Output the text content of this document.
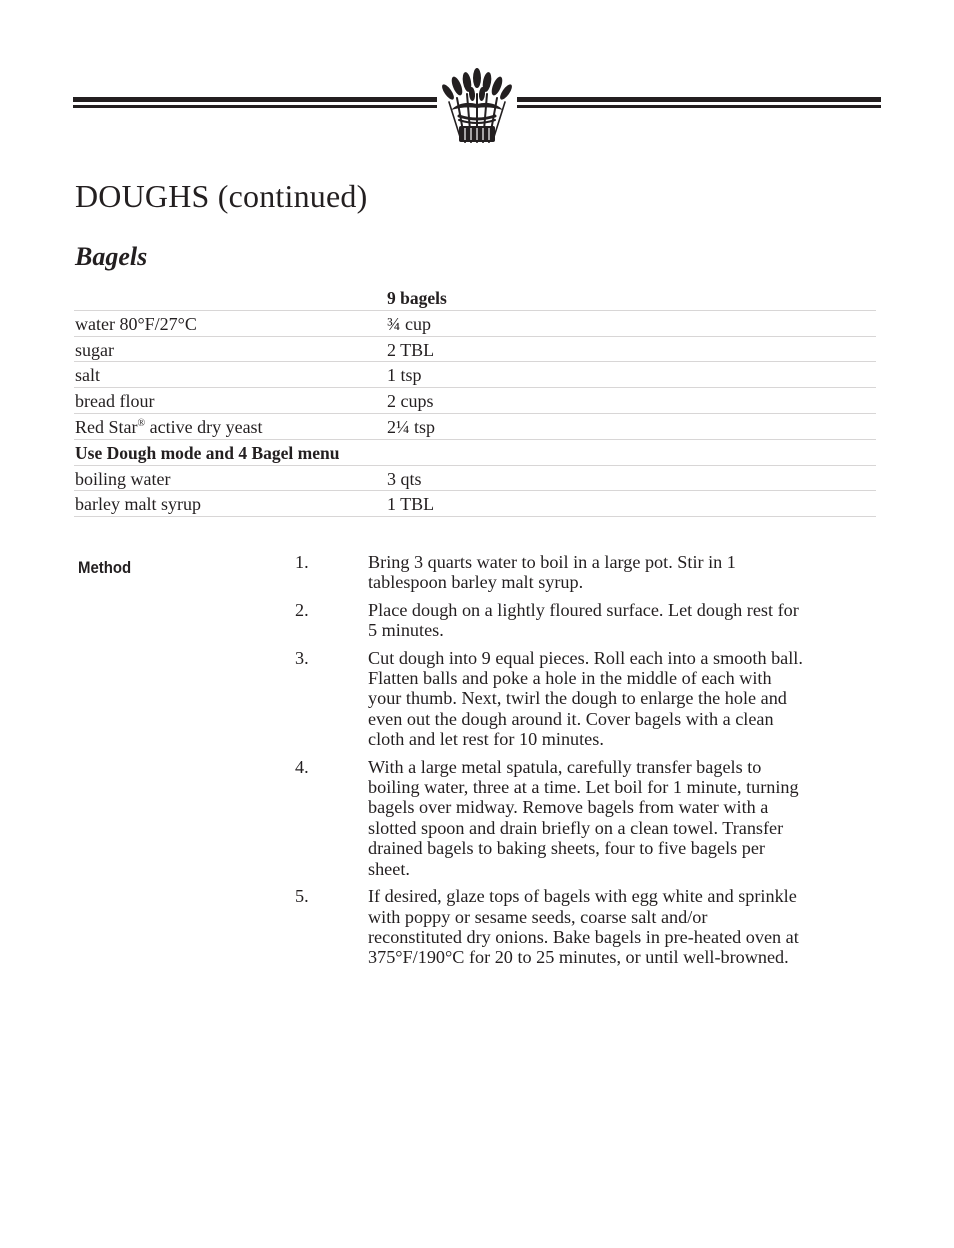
DOUGHS (continued)
Bagels
9 bagels
water 80°F/27°C	¾ cup
sugar	2 TBL
salt	1 tsp
bread flour	2 cups
Red Star® active dry yeast	2¼ tsp
Use Dough mode and 4 Bagel menu
boiling water	3 qts
barley malt syrup	1 TBL
Method	1.	Bring 3 quarts water to boil in a large pot. Stir in 1 tablespoon barley malt syrup.
2.	Place dough on a lightly floured surface. Let dough rest for 5 minutes.
3.	Cut dough into 9 equal pieces. Roll each into a smooth ball. Flatten balls and poke a hole in the middle of each with your thumb. Next, twirl the dough to enlarge the hole and even out the dough around it. Cover bagels with a clean cloth and let rest for 10 minutes.
4.	With a large metal spatula, carefully transfer bagels to boiling water, three at a time. Let boil for 1 minute, turning bagels over midway. Remove bagels from water with a slotted spoon and drain briefly on a clean towel. Transfer drained bagels to baking sheets, four to five bagels per sheet.
5.	If desired, glaze tops of bagels with egg white and sprinkle with poppy or sesame seeds, coarse salt and/or reconstituted dry onions. Bake bagels in pre-heated oven at 375°F/190°C for 20 to 25 minutes, or until well-browned.
